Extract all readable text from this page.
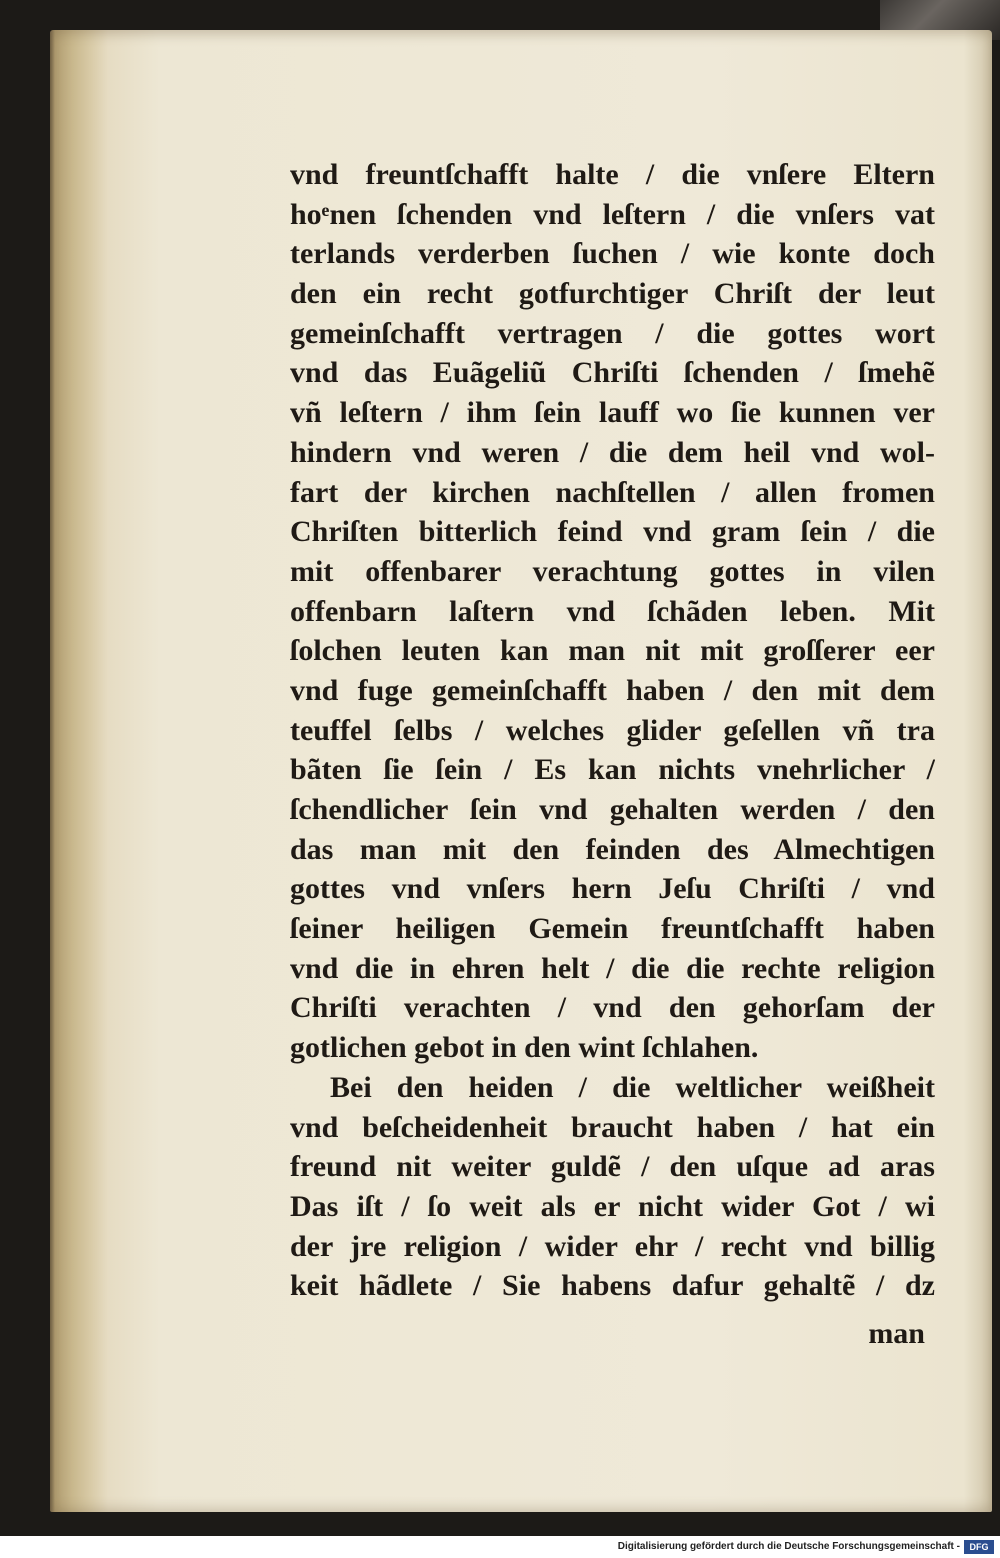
vnd freuntſchafft halte / die vnſere Eltern
hoͤnen ſchenden vnd leſtern / die vnſers vat
terlands verderben ſuchen / wie konte doch
den ein recht gotfurchtiger Chriſt der leut
gemeinſchafft vertragen / die gottes wort
vnd das Euãgeliũ Chriſti ſchenden / ſmehẽ
vñ leſtern / ihm ſein lauff wo ſie kunnen ver
hindern vnd weren / die dem heil vnd wol-
fart der kirchen nachſtellen / allen fromen
Chriſten bitterlich feind vnd gram ſein / die
mit offenbarer verachtung gottes in vilen
offenbarn laſtern vnd ſchãden leben. Mit
ſolchen leuten kan man nit mit groſſerer eer
vnd fuge gemeinſchafft haben / den mit dem
teuffel ſelbs / welches glider geſellen vñ tra
bãten ſie ſein / Es kan nichts vnehrlicher /
ſchendlicher ſein vnd gehalten werden / den
das man mit den feinden des Almechtigen
gottes vnd vnſers hern Jeſu Chriſti / vnd
ſeiner heiligen Gemein freuntſchafft haben
vnd die in ehren helt / die die rechte religion
Chriſti verachten / vnd den gehorſam der
gotlichen gebot in den wint ſchlahen.
Bei den heiden / die weltlicher weißheit
vnd beſcheidenheit braucht haben / hat ein
freund nit weiter guldẽ / den uſque ad aras
Das iſt / ſo weit als er nicht wider Got / wi
der jre religion / wider ehr / recht vnd billig
keit hãdlete / Sie habens dafur gehaltẽ / dz
man
Digitalisierung gefördert durch die Deutsche Forschungsgemeinschaft -	DFG
